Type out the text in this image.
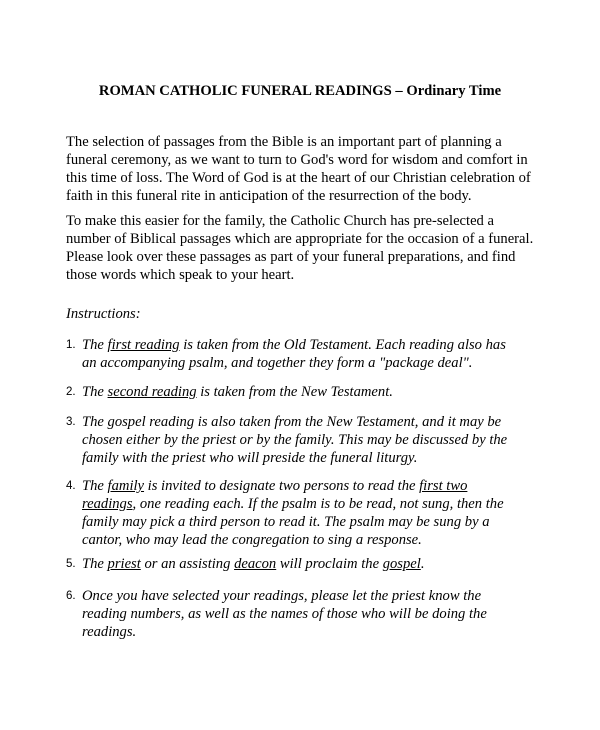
ROMAN CATHOLIC FUNERAL READINGS – Ordinary Time

The selection of passages from the Bible is an important part of planning a funeral ceremony, as we want to turn to God's word for wisdom and comfort in this time of loss. The Word of God is at the heart of our Christian celebration of faith in this funeral rite in anticipation of the resurrection of the body.

To make this easier for the family, the Catholic Church has pre-selected a number of Biblical passages which are appropriate for the occasion of a funeral. Please look over these passages as part of your funeral preparations, and find those words which speak to your heart.

Instructions:

1. The first reading is taken from the Old Testament. Each reading also has an accompanying psalm, and together they form a "package deal".
2. The second reading is taken from the New Testament.
3. The gospel reading is also taken from the New Testament, and it may be chosen either by the priest or by the family. This may be discussed by the family with the priest who will preside the funeral liturgy.
4. The family is invited to designate two persons to read the first two readings, one reading each. If the psalm is to be read, not sung, then the family may pick a third person to read it. The psalm may be sung by a cantor, who may lead the congregation to sing a response.
5. The priest or an assisting deacon will proclaim the gospel.
6. Once you have selected your readings, please let the priest know the reading numbers, as well as the names of those who will be doing the readings.
